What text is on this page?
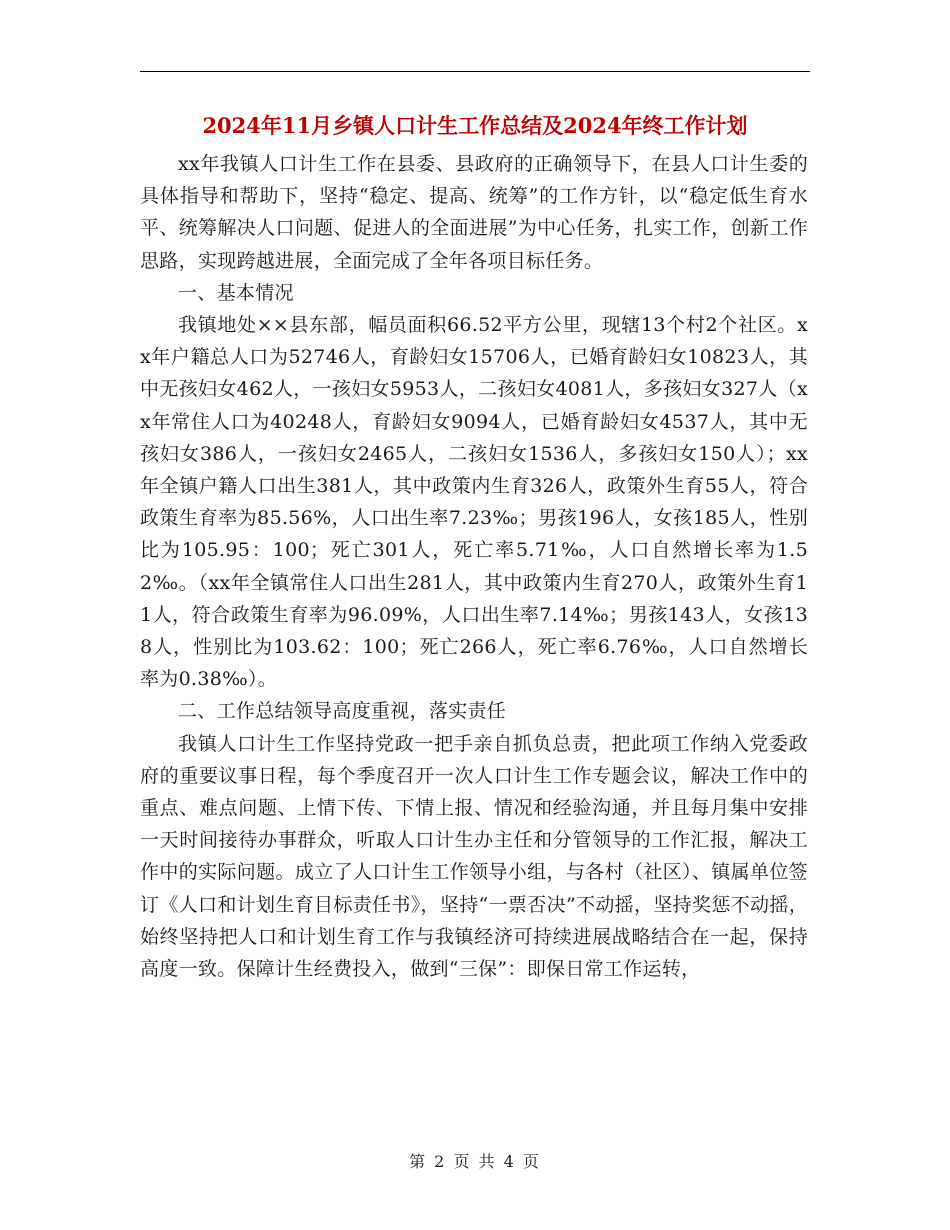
2024年11月乡镇人口计生工作总结及2024年终工作计划

xx年我镇人口计生工作在县委、县政府的正确领导下，在县人口计生委的具体指导和帮助下，坚持“稳定、提高、统筹”的工作方针，以“稳定低生育水平、统筹解决人口问题、促进人的全面进展”为中心任务，扎实工作，创新工作思路，实现跨越进展，全面完成了全年各项目标任务。

一、基本情况

我镇地处××县东部，幅员面积66.52平方公里，现辖13个村2个社区。xx年户籍总人口为52746人，育龄妇女15706人，已婚育龄妇女10823人，其中无孩妇女462人，一孩妇女5953人，二孩妇女4081人，多孩妇女327人（xx年常住人口为40248人，育龄妇女9094人，已婚育龄妇女4537人，其中无孩妇女386人，一孩妇女2465人，二孩妇女1536人，多孩妇女150人）；xx年全镇户籍人口出生381人，其中政策内生育326人，政策外生育55人，符合政策生育率为85.56%，人口出生率7.23‰；男孩196人，女孩185人，性别比为105.95：100；死亡301人，死亡率5.71‰，人口自然增长率为1.52‰。（xx年全镇常住人口出生281人，其中政策内生育270人，政策外生育11人，符合政策生育率为96.09%，人口出生率7.14‰；男孩143人，女孩138人，性别比为103.62：100；死亡266人，死亡率6.76‰，人口自然增长率为0.38‰）。

二、工作总结领导高度重视，落实责任

我镇人口计生工作坚持党政一把手亲自抓负总责，把此项工作纳入党委政府的重要议事日程，每个季度召开一次人口计生工作专题会议，解决工作中的重点、难点问题、上情下传、下情上报、情况和经验沟通，并且每月集中安排一天时间接待办事群众，听取人口计生办主任和分管领导的工作汇报，解决工作中的实际问题。成立了人口计生工作领导小组，与各村（社区）、镇属单位签订《人口和计划生育目标责任书》，坚持“一票否决”不动摇，坚持奖惩不动摇，始终坚持把人口和计划生育工作与我镇经济可持续进展战略结合在一起，保持高度一致。保障计生经费投入，做到“三保”：即保日常工作运转，

第 2 页 共 4 页
